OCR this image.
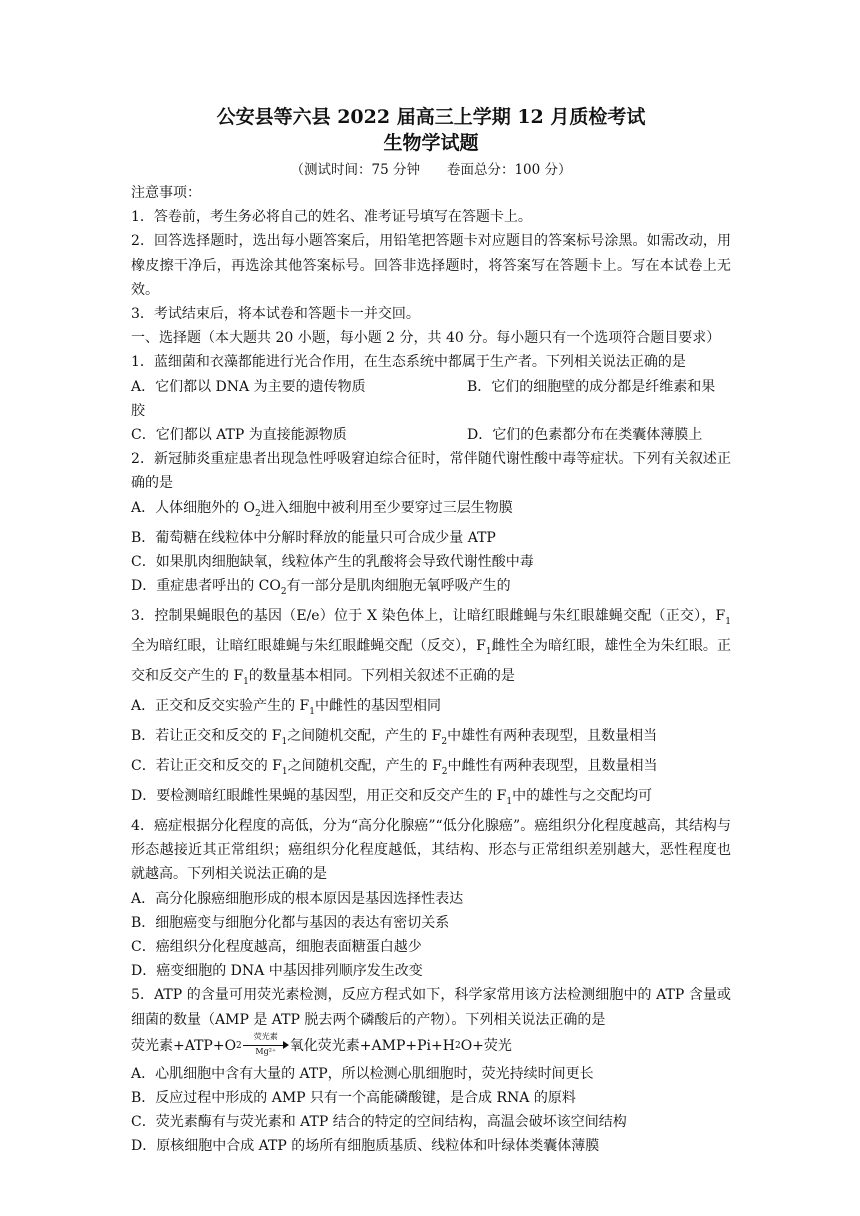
公安县等六县 2022 届高三上学期 12 月质检考试
生物学试题
（测试时间：75 分钟　　卷面总分：100 分）

注意事项：

1．答卷前，考生务必将自己的姓名、准考证号填写在答题卡上。

2．回答选择题时，选出每小题答案后，用铅笔把答题卡对应题目的答案标号涂黑。如需改动，用橡皮擦干净后，再选涂其他答案标号。回答非选择题时，将答案写在答题卡上。写在本试卷上无效。

3．考试结束后，将本试卷和答题卡一并交回。

一、选择题（本大题共 20 小题，每小题 2 分，共 40 分。每小题只有一个选项符合题目要求）

1．蓝细菌和衣藻都能进行光合作用，在生态系统中都属于生产者。下列相关说法正确的是

A．它们都以 DNA 为主要的遗传物质	B．它们的细胞壁的成分都是纤维素和果

胶

C．它们都以 ATP 为直接能源物质	D．它们的色素都分布在类囊体薄膜上

2．新冠肺炎重症患者出现急性呼吸窘迫综合征时，常伴随代谢性酸中毒等症状。下列有关叙述正确的是

A．人体细胞外的 $O_2$进入细胞中被利用至少要穿过三层生物膜

B．葡萄糖在线粒体中分解时释放的能量只可合成少量 ATP

C．如果肌肉细胞缺氧，线粒体产生的乳酸将会导致代谢性酸中毒

D．重症患者呼出的 $CO_2$有一部分是肌肉细胞无氧呼吸产生的

3．控制果蝇眼色的基因（E/e）位于 X 染色体上，让暗红眼雌蝇与朱红眼雄蝇交配（正交），$F_1$全为暗红眼，让暗红眼雄蝇与朱红眼雌蝇交配（反交），$F_1$雌性全为暗红眼，雄性全为朱红眼。正交和反交产生的 $F_1$的数量基本相同。下列相关叙述不正确的是

A．正交和反交实验产生的 $F_1$中雌性的基因型相同

B．若让正交和反交的 $F_1$之间随机交配，产生的 $F_2$中雄性有两种表现型，且数量相当

C．若让正交和反交的 $F_1$之间随机交配，产生的 $F_2$中雌性有两种表现型，且数量相当

D．要检测暗红眼雌性果蝇的基因型，用正交和反交产生的 $F_1$中的雄性与之交配均可

4．癌症根据分化程度的高低，分为“高分化腺癌”“低分化腺癌”。癌组织分化程度越高，其结构与形态越接近其正常组织；癌组织分化程度越低，其结构、形态与正常组织差别越大，恶性程度也就越高。下列相关说法正确的是

A．高分化腺癌细胞形成的根本原因是基因选择性表达

B．细胞癌变与细胞分化都与基因的表达有密切关系

C．癌组织分化程度越高，细胞表面糖蛋白越少

D．癌变细胞的 DNA 中基因排列顺序发生改变

5．ATP 的含量可用荧光素检测，反应方程式如下，科学家常用该方法检测细胞中的 ATP 含量或细菌的数量（AMP 是 ATP 脱去两个磷酸后的产物）。下列相关说法正确的是

荧光素+ATP+O 2
荧光素
Mg²⁺ 氧化荧光素+AMP+Pi+H 2 O+荧光

A．心肌细胞中含有大量的 ATP，所以检测心肌细胞时，荧光持续时间更长

B．反应过程中形成的 AMP 只有一个高能磷酸键，是合成 RNA 的原料

C．荧光素酶有与荧光素和 ATP 结合的特定的空间结构，高温会破坏该空间结构

D．原核细胞中合成 ATP 的场所有细胞质基质、线粒体和叶绿体类囊体薄膜
